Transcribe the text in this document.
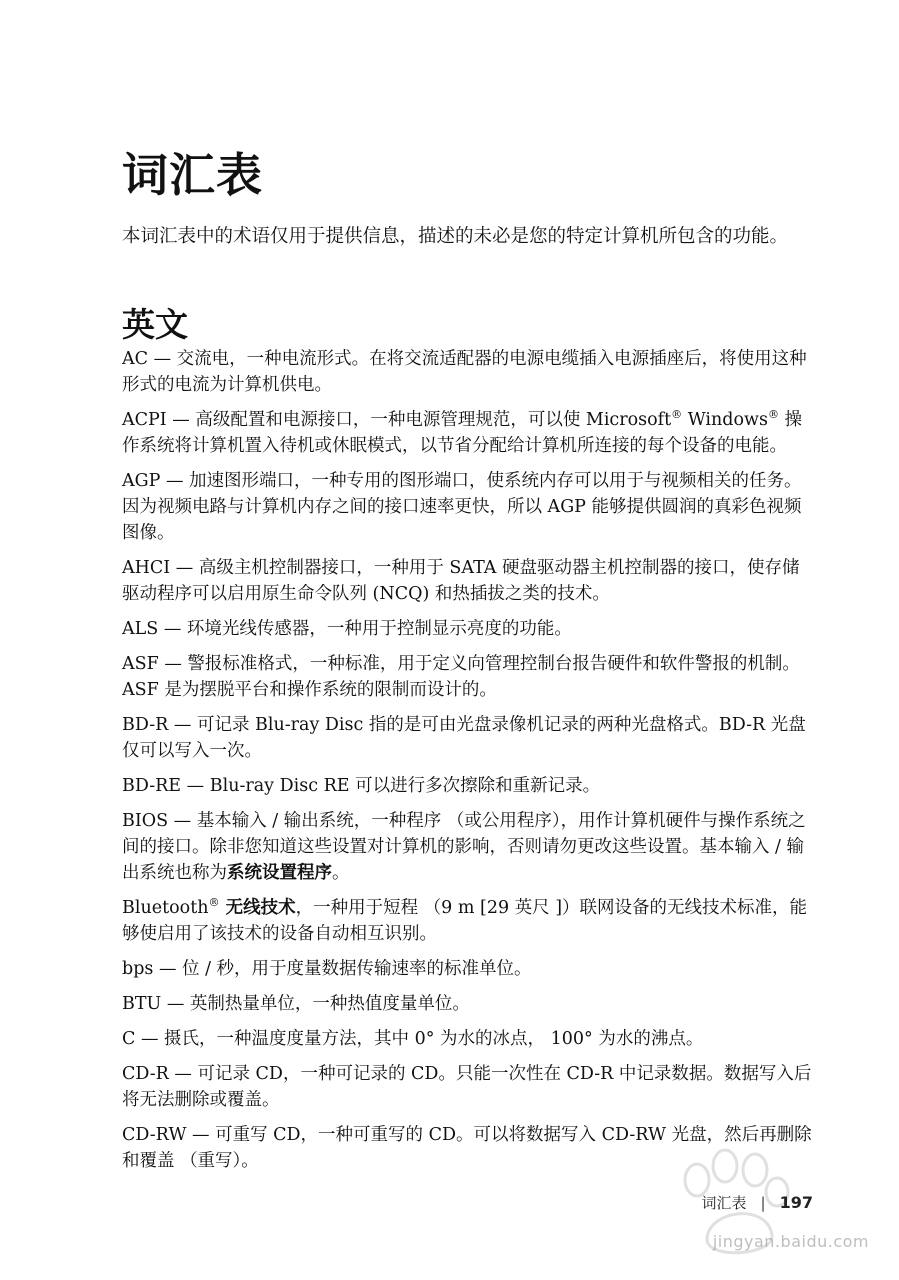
词汇表

本词汇表中的术语仅用于提供信息，描述的未必是您的特定计算机所包含的功能。

英文

AC — 交流电，一种电流形式。在将交流适配器的电源电缆插入电源插座后，将使用这种形式的电流为计算机供电。

ACPI — 高级配置和电源接口，一种电源管理规范，可以使 Microsoft® Windows® 操作系统将计算机置入待机或休眠模式，以节省分配给计算机所连接的每个设备的电能。

AGP — 加速图形端口，一种专用的图形端口，使系统内存可以用于与视频相关的任务。因为视频电路与计算机内存之间的接口速率更快，所以 AGP 能够提供圆润的真彩色视频图像。

AHCI — 高级主机控制器接口，一种用于 SATA 硬盘驱动器主机控制器的接口，使存储驱动程序可以启用原生命令队列 (NCQ) 和热插拔之类的技术。

ALS — 环境光线传感器，一种用于控制显示亮度的功能。

ASF — 警报标准格式，一种标准，用于定义向管理控制台报告硬件和软件警报的机制。ASF 是为摆脱平台和操作系统的限制而设计的。

BD-R — 可记录 Blu-ray Disc 指的是可由光盘录像机记录的两种光盘格式。BD-R 光盘仅可以写入一次。

BD-RE — Blu-ray Disc RE 可以进行多次擦除和重新记录。

BIOS — 基本输入 / 输出系统，一种程序 （或公用程序），用作计算机硬件与操作系统之间的接口。除非您知道这些设置对计算机的影响，否则请勿更改这些设置。基本输入 / 输出系统也称为系统设置程序。

Bluetooth® 无线技术，一种用于短程 （9 m [29 英尺 ]）联网设备的无线技术标准，能够使启用了该技术的设备自动相互识别。

bps — 位 / 秒，用于度量数据传输速率的标准单位。

BTU — 英制热量单位，一种热值度量单位。

C — 摄氏，一种温度度量方法，其中 0° 为水的冰点， 100° 为水的沸点。

CD-R — 可记录 CD，一种可记录的 CD。只能一次性在 CD-R 中记录数据。数据写入后将无法删除或覆盖。

CD-RW — 可重写 CD，一种可重写的 CD。可以将数据写入 CD-RW 光盘，然后再删除和覆盖 （重写）。

jingyan.baidu.com
词汇表 | 197
